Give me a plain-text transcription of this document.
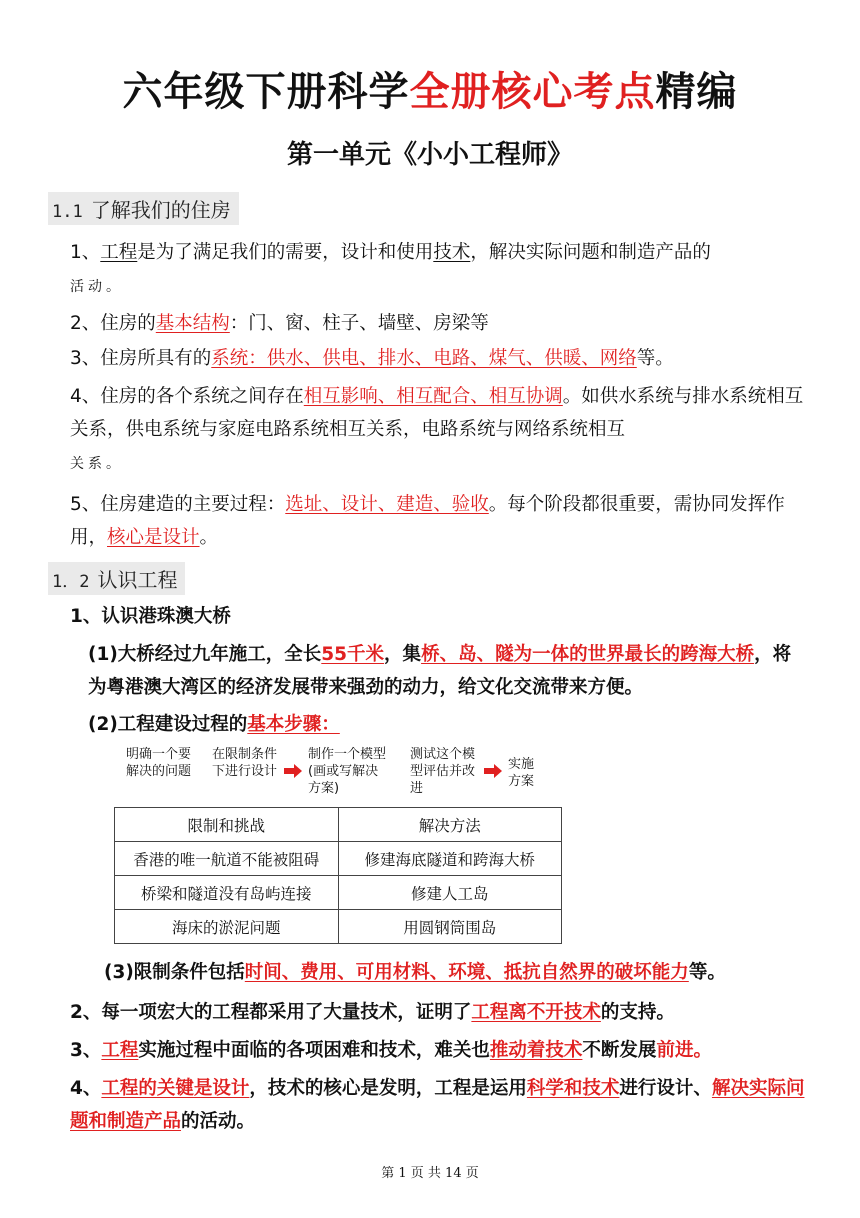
六年级下册科学全册核心考点精编
第一单元《小小工程师》
1.1 了解我们的住房
1、工程是为了满足我们的需要，设计和使用技术，解决实际问题和制造产品的
活动。
2、住房的基本结构：门、窗、柱子、墙壁、房梁等
3、住房所具有的系统：供水、供电、排水、电路、煤气、供暖、网络等。
4、住房的各个系统之间存在相互影响、相互配合、相互协调。如供水系统与排水系统相互关系，供电系统与家庭电路系统相互关系，电路系统与网络系统相互
关系。
5、住房建造的主要过程：选址、设计、建造、验收。每个阶段都很重要，需协同发挥作用，核心是设计。
1．2 认识工程
1、认识港珠澳大桥
(1)大桥经过九年施工，全长55千米，集桥、岛、隧为一体的世界最长的跨海大桥，将为粤港澳大湾区的经济发展带来强劲的动力，给文化交流带来方便。
(2)工程建设过程的基本步骤：
明确一个要解决的问题
在限制条件下进行设计
制作一个模型(画或写解决方案)
测试这个模型评估并改进
实施方案
限制和挑战	解决方法
香港的唯一航道不能被阻碍	修建海底隧道和跨海大桥
桥梁和隧道没有岛屿连接	修建人工岛
海床的淤泥问题	用圆钢筒围岛
(3)限制条件包括时间、费用、可用材料、环境、抵抗自然界的破坏能力等。
2、每一项宏大的工程都采用了大量技术，证明了工程离不开技术的支持。
3、工程实施过程中面临的各项困难和技术，难关也推动着技术不断发展前进。
4、工程的关键是设计，技术的核心是发明，工程是运用科学和技术进行设计、解决实际问题和制造产品的活动。
第 1 页 共 14 页
